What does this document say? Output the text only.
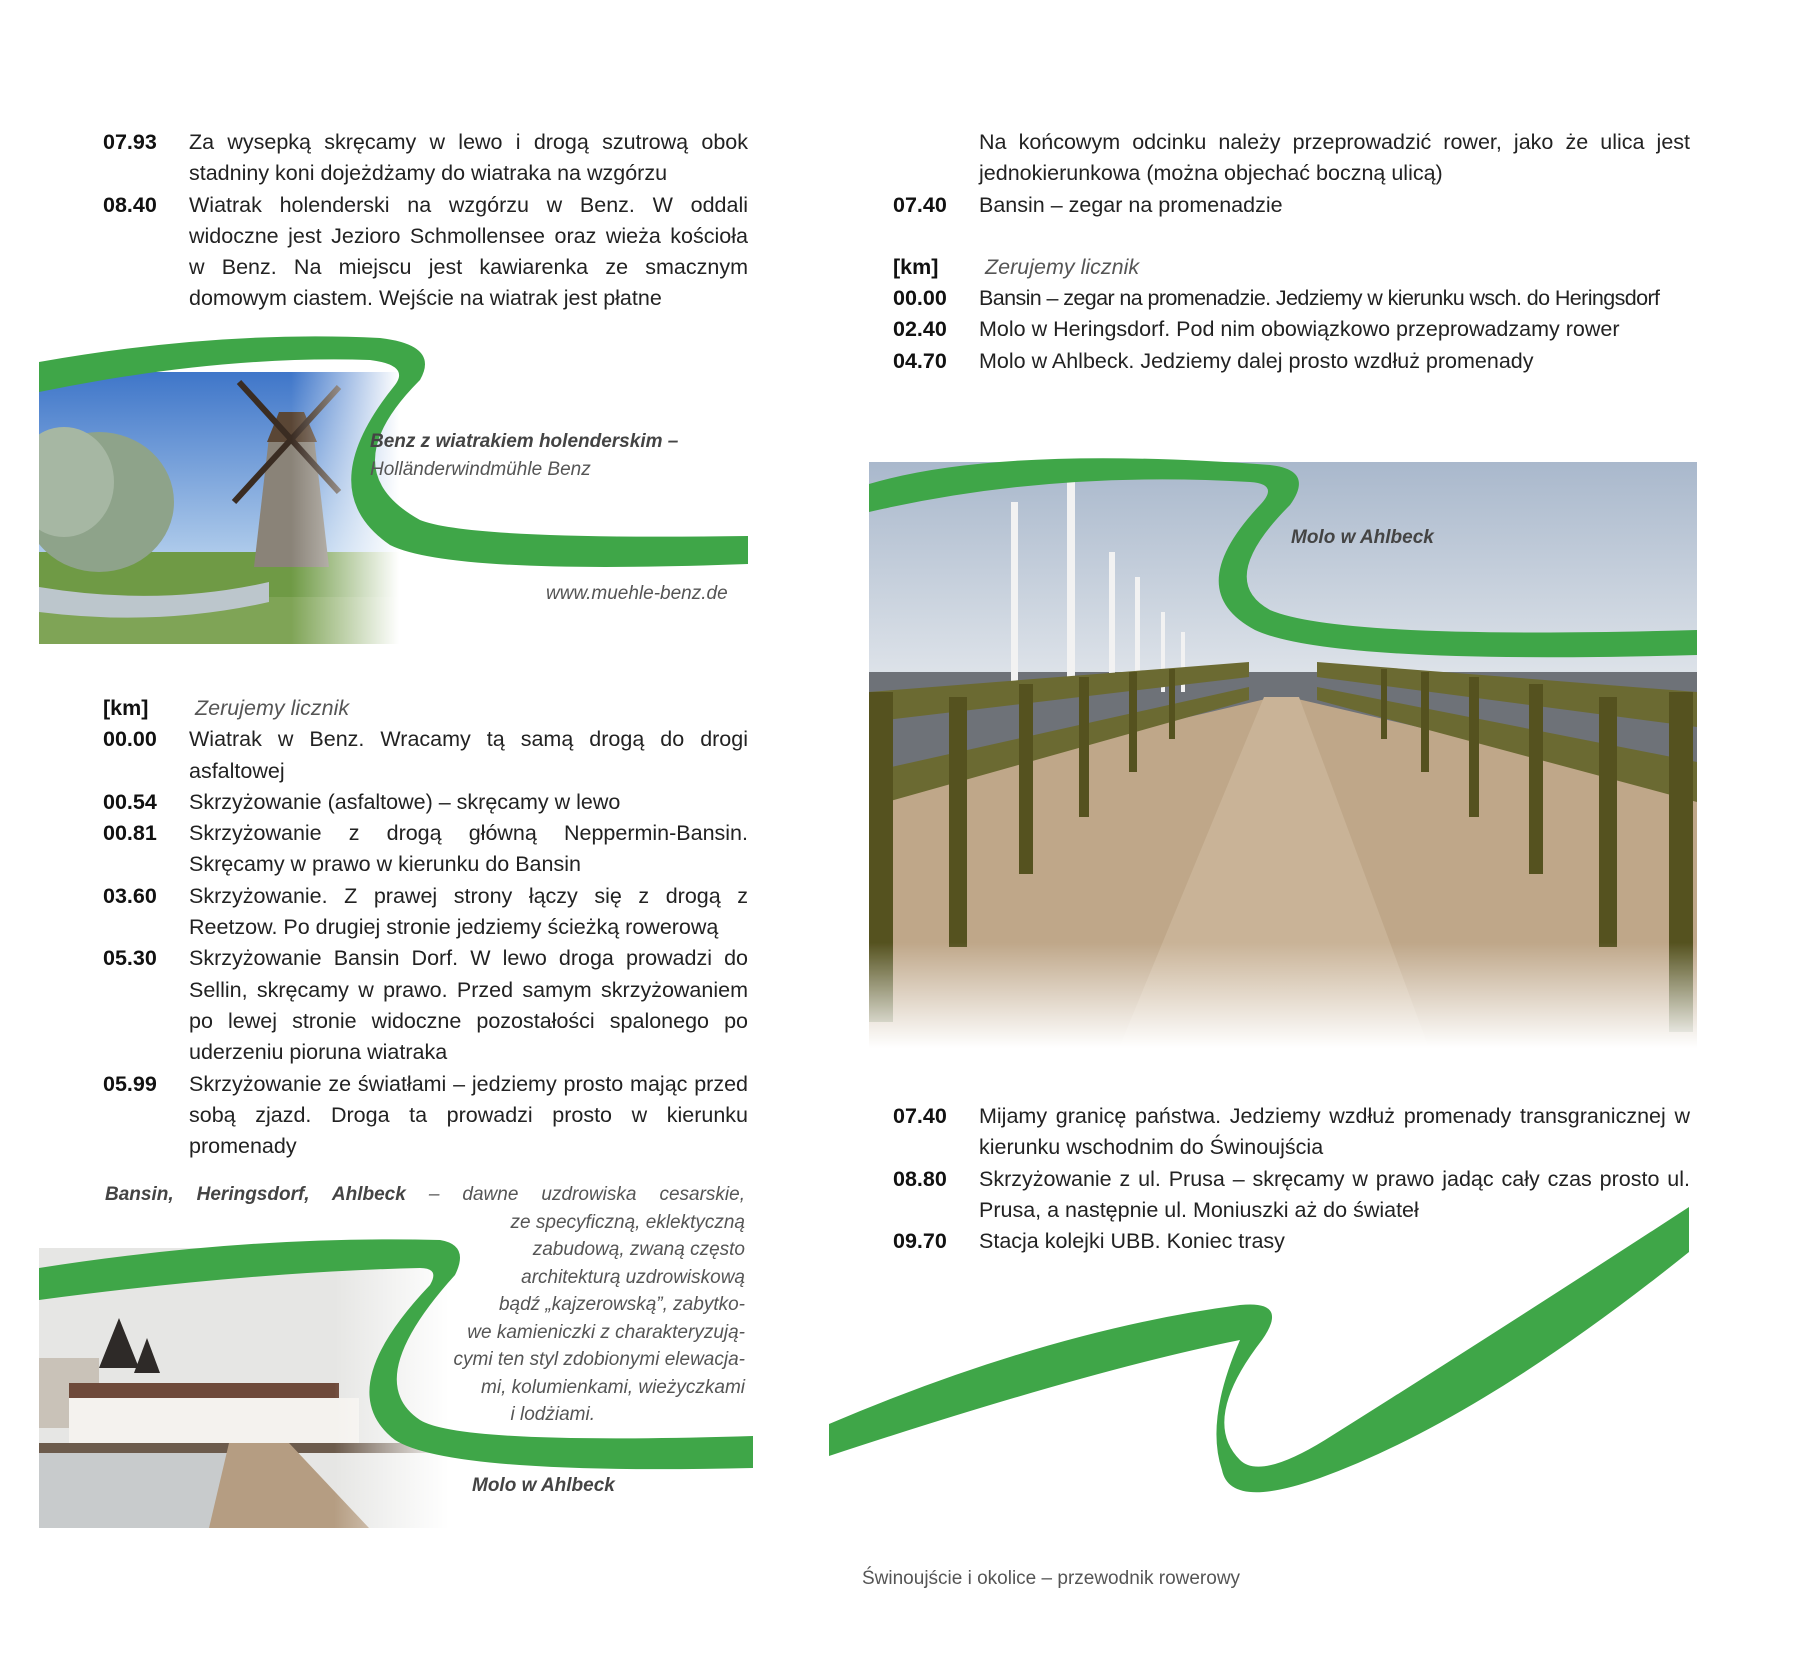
07.93	Za wysepką skręcamy w lewo i drogą szutrową obok stadniny koni dojeżdżamy do wiatraka na wzgórzu
08.40	Wiatrak holenderski na wzgórzu w Benz. W oddali widoczne jest Jezioro Schmollensee oraz wieża kościoła w Benz. Na miejscu jest kawiarenka ze smacznym domowym ciastem. Wejście na wiatrak jest płatne
Benz z wiatrakiem holenderskim –
Holländerwindmühle Benz
www.muehle-benz.de
[km]	Zerujemy licznik
00.00	Wiatrak w Benz. Wracamy tą samą drogą do drogi asfaltowej
00.54	Skrzyżowanie (asfaltowe) – skręcamy w lewo
00.81	Skrzyżowanie z drogą główną Neppermin-Bansin. Skręcamy w prawo w kierunku do Bansin
03.60	Skrzyżowanie. Z prawej strony łączy się z drogą z Reetzow. Po drugiej stronie jedziemy ścieżką rowerową
05.30	Skrzyżowanie Bansin Dorf. W lewo droga prowadzi do Sellin, skręcamy w prawo. Przed samym skrzyżowaniem po lewej stronie widoczne pozostałości spalonego po uderzeniu pioruna wiatraka
05.99	Skrzyżowanie ze światłami – jedziemy prosto mając przed sobą zjazd. Droga ta prowadzi prosto w kierunku promenady
Bansin, Heringsdorf, Ahlbeck – dawne uzdrowiska cesarskie,
ze specyficzną, eklektyczną
zabudową, zwaną często
architekturą uzdrowiskową
bądź „kajzerowską”, zabytko-
we kamieniczki z charakteryzują-
cymi ten styl zdobionymi elewacja-
mi, kolumienkami, wieżyczkami
i lodżiami.
Molo w Ahlbeck
Na końcowym odcinku należy przeprowadzić rower, jako że ulica jest jednokierunkowa (można objechać boczną ulicą)
07.40	Bansin – zegar na promenadzie
[km]	Zerujemy licznik
00.00	Bansin – zegar na promenadzie. Jedziemy w kierunku wsch. do Heringsdorf
02.40	Molo w Heringsdorf. Pod nim obowiązkowo przeprowadzamy rower
04.70	Molo w Ahlbeck. Jedziemy dalej prosto wzdłuż promenady
Molo w Ahlbeck
07.40	Mijamy granicę państwa. Jedziemy wzdłuż promenady transgranicznej w kierunku wschodnim do Świnoujścia
08.80	Skrzyżowanie z ul. Prusa – skręcamy w prawo jadąc cały czas prosto ul. Prusa, a następnie ul. Moniuszki aż do świateł
09.70	Stacja kolejki UBB. Koniec trasy
Świnoujście i okolice – przewodnik rowerowy
